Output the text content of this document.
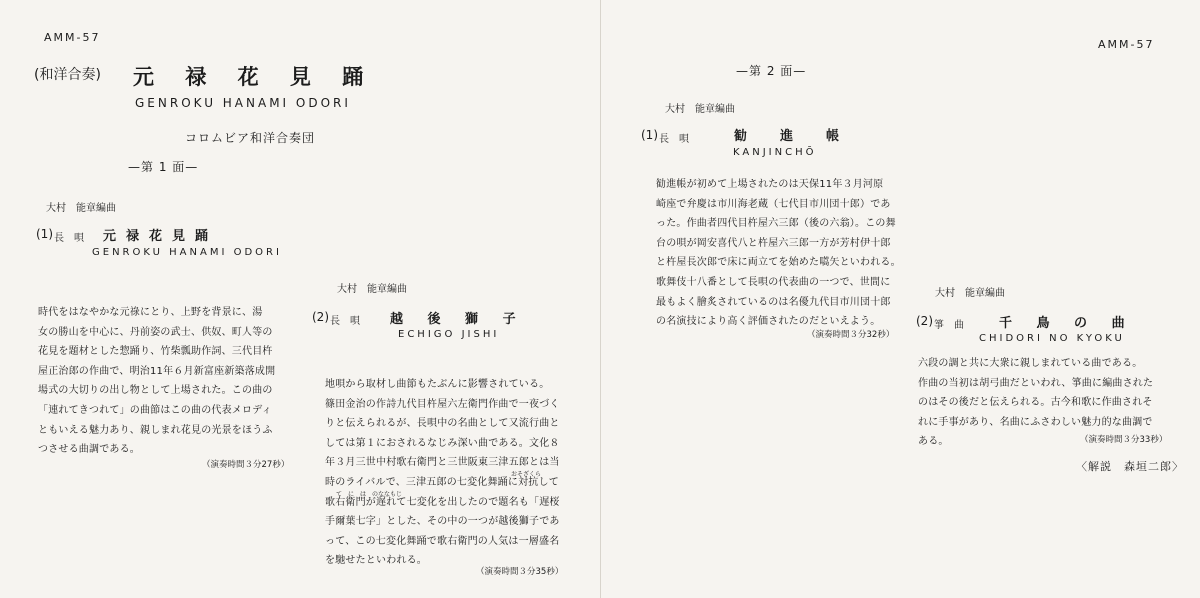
AMM-57
(和洋合奏) 元 禄 花 見 踊
GENROKU HANAMI ODORI
コロムビア和洋合奏団
—第 1 面—
大村　能章編曲
(1) 長　唄 元禄花見踊
GENROKU HANAMI ODORI
時代をはなやかな元祿にとり、上野を背景に、湯
女の勝山を中心に、丹前姿の武士、供奴、町人等の
花見を題材とした惣踊り、竹柴瓢助作詞、三代目杵
屋正治郎の作曲で、明治11年６月新富座新築落成開
場式の大切りの出し物として上場された。この曲の
「連れてきつれて」の曲節はこの曲の代表メロディ
ともいえる魅力あり、親しまれ花見の光景をほうふ
つさせる曲調である。
（演奏時間３分27秒）
大村　能章編曲
(2) 長　唄 越 後 獅 子
ECHIGO JISHI
おそざくら
て　に　は　のななもじ
地唄から取材し曲節もたぶんに影響されている。
篠田金治の作詩九代目杵屋六左衛門作曲で一夜づく
りと伝えられるが、長唄中の名曲として又流行曲と
しては第１におされるなじみ深い曲である。文化８
年３月三世中村歌右衛門と三世阪東三津五郎とは当
時のライバルで、三津五郎の七変化舞踊に対抗して
歌右衛門が遅れて七変化を出したので題名も「遅桜
手爾葉七字」とした、その中の一つが越後獅子であ
って、この七変化舞踊で歌右衛門の人気は一層盛名
を馳せたといわれる。
（演奏時間３分35秒）
AMM-57
—第 2 面—
大村　能章編曲
(1) 長　唄	勧　進　帳
KANJINCHŌ
勧進帳が初めて上場されたのは天保11年３月河原
崎座で弁慶は市川海老蔵（七代目市川団十郎）であ
った。作曲者四代目杵屋六三郎（後の六翁）。この舞
台の唄が岡安喜代八と杵屋六三郎一方が芳村伊十郎
と杵屋長次郎で床に両立てを始めた嚆矢といわれる。
歌舞伎十八番として長唄の代表曲の一つで、世間に
最もよく膾炙されているのは名優九代目市川団十郎
の名演技により高く評価されたのだといえよう。
（演奏時間３分32秒）
大村　能章編曲
(2) 箏　曲	千 鳥 の 曲
CHIDORI NO KYOKU
六段の調と共に大衆に親しまれている曲である。
作曲の当初は胡弓曲だといわれ、箏曲に編曲された
のはその後だと伝えられる。古今和歌に作曲されそ
れに手事があり、名曲にふさわしい魅力的な曲調で
ある。	（演奏時間３分33秒）
〈解説　森垣二郎〉
